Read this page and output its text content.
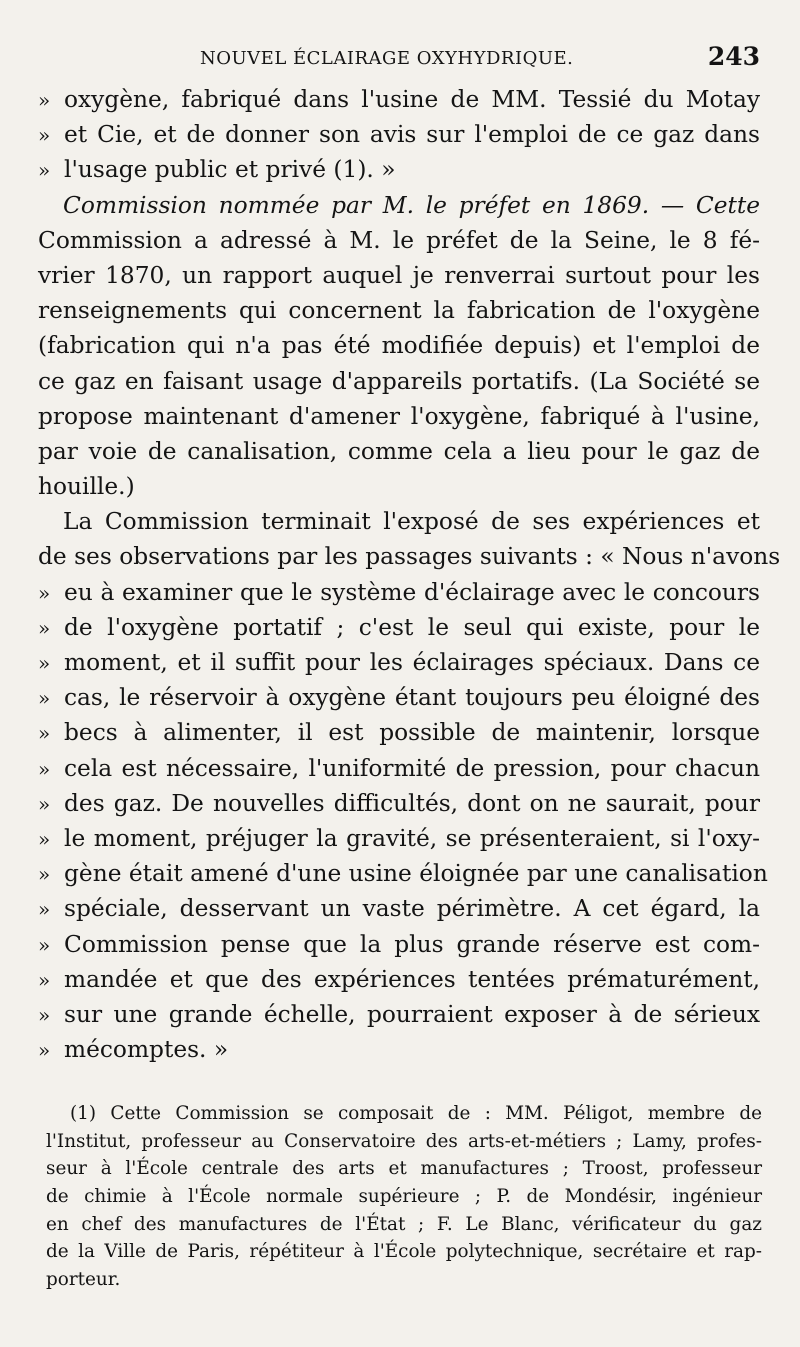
NOUVEL ÉCLAIRAGE OXYHYDRIQUE.	243
» oxygène, fabriqué dans l'usine de MM. Tessié du Motay
» et Cie, et de donner son avis sur l'emploi de ce gaz dans
» l'usage public et privé (1). »
Commission nommée par M. le préfet en 1869. — Cette
Commission a adressé à M. le préfet de la Seine, le 8 fé-
vrier 1870, un rapport auquel je renverrai surtout pour les
renseignements qui concernent la fabrication de l'oxygène
(fabrication qui n'a pas été modifiée depuis) et l'emploi de
ce gaz en faisant usage d'appareils portatifs. (La Société se
propose maintenant d'amener l'oxygène, fabriqué à l'usine,
par voie de canalisation, comme cela a lieu pour le gaz de
houille.)
La Commission terminait l'exposé de ses expériences et
de ses observations par les passages suivants : « Nous n'avons
» eu à examiner que le système d'éclairage avec le concours
» de l'oxygène portatif ; c'est le seul qui existe, pour le
» moment, et il suffit pour les éclairages spéciaux. Dans ce
» cas, le réservoir à oxygène étant toujours peu éloigné des
» becs à alimenter, il est possible de maintenir, lorsque
» cela est nécessaire, l'uniformité de pression, pour chacun
» des gaz. De nouvelles difficultés, dont on ne saurait, pour
» le moment, préjuger la gravité, se présenteraient, si l'oxy-
» gène était amené d'une usine éloignée par une canalisation
» spéciale, desservant un vaste périmètre. A cet égard, la
» Commission pense que la plus grande réserve est com-
» mandée et que des expériences tentées prématurément,
» sur une grande échelle, pourraient exposer à de sérieux
» mécomptes. »
(1) Cette Commission se composait de : MM. Péligot, membre de
l'Institut, professeur au Conservatoire des arts-et-métiers ; Lamy, profes-
seur à l'École centrale des arts et manufactures ; Troost, professeur
de chimie à l'École normale supérieure ; P. de Mondésir, ingénieur
en chef des manufactures de l'État ; F. Le Blanc, vérificateur du gaz
de la Ville de Paris, répétiteur à l'École polytechnique, secrétaire et rap-
porteur.
